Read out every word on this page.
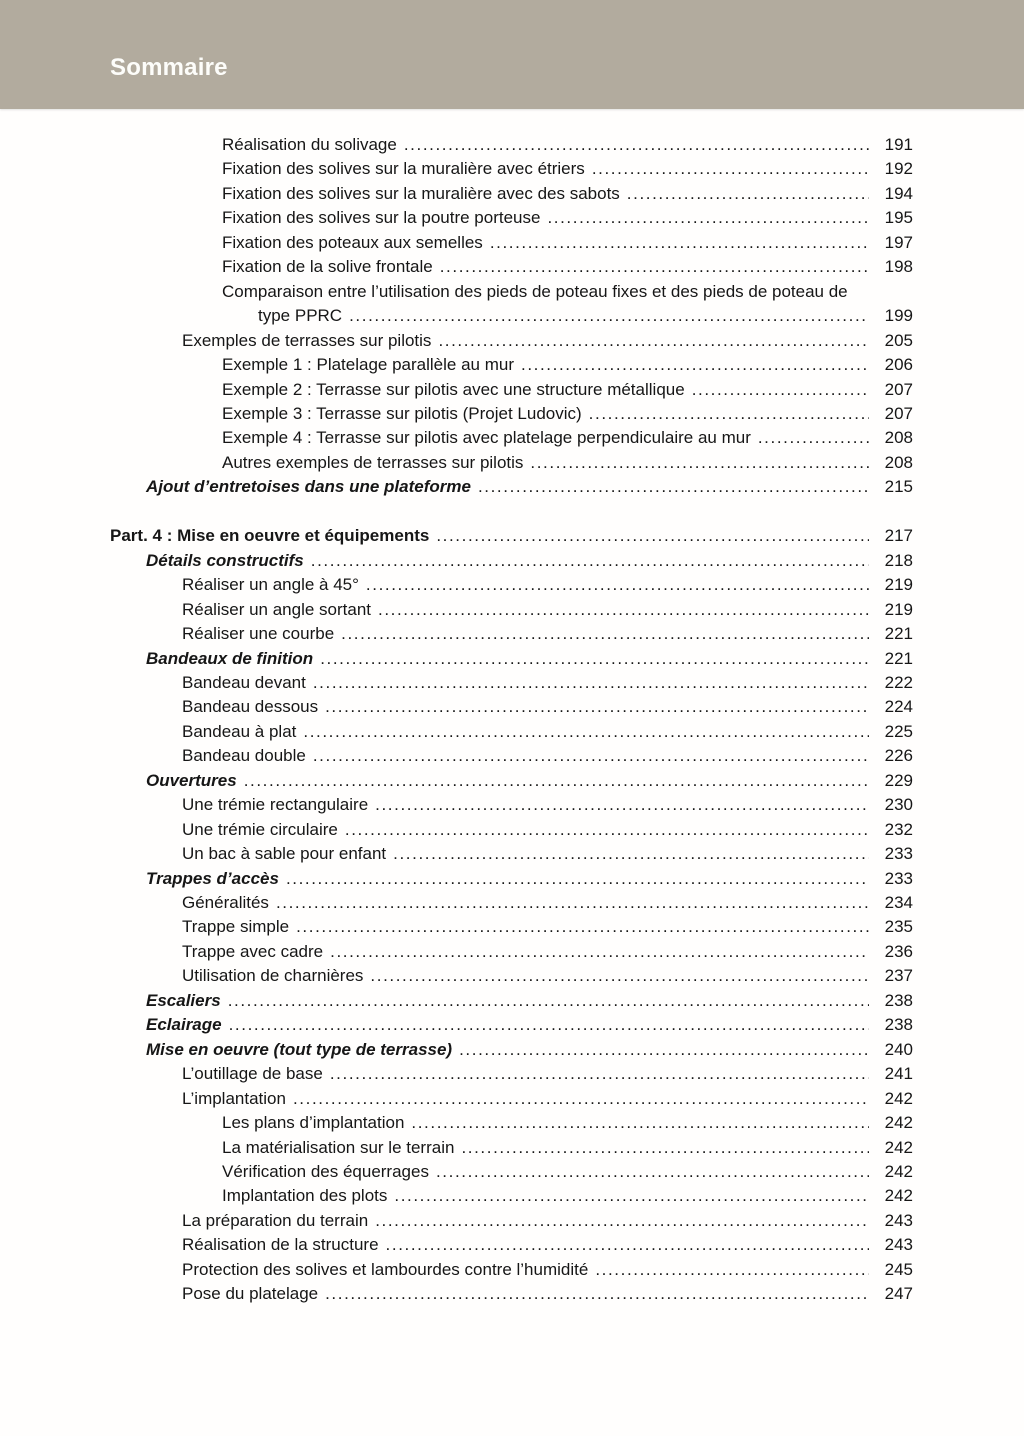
Sommaire
Réalisation du solivage .....	191
Fixation des solives sur la muralière avec étriers .....	192
Fixation des solives sur la muralière avec des sabots .....	194
Fixation des solives sur la poutre porteuse .....	195
Fixation des poteaux aux semelles .....	197
Fixation de la solive frontale .....	198
Comparaison entre l’utilisation des pieds de poteau fixes et des pieds de poteau de
type PPRC .....	199
Exemples de terrasses sur pilotis .....	205
Exemple 1 : Platelage parallèle au mur .....	206
Exemple 2 : Terrasse sur pilotis avec une structure métallique .....	207
Exemple 3 : Terrasse sur pilotis (Projet Ludovic) .....	207
Exemple 4 : Terrasse sur pilotis avec platelage perpendiculaire au mur .....	208
Autres exemples de terrasses sur pilotis .....	208
Ajout d’entretoises dans une plateforme .....	215
Part. 4 : Mise en oeuvre et équipements .....	217
Détails constructifs .....	218
Réaliser un angle à 45° .....	219
Réaliser un angle sortant .....	219
Réaliser une courbe .....	221
Bandeaux de finition .....	221
Bandeau devant .....	222
Bandeau dessous .....	224
Bandeau à plat .....	225
Bandeau double .....	226
Ouvertures .....	229
Une trémie rectangulaire .....	230
Une trémie circulaire .....	232
Un bac à sable pour enfant .....	233
Trappes d’accès .....	233
Généralités .....	234
Trappe simple .....	235
Trappe avec cadre .....	236
Utilisation de charnières .....	237
Escaliers .....	238
Eclairage .....	238
Mise en oeuvre (tout type de terrasse) .....	240
L’outillage de base .....	241
L’implantation .....	242
Les plans d’implantation .....	242
La matérialisation sur le terrain .....	242
Vérification des équerrages .....	242
Implantation des plots .....	242
La préparation du terrain .....	243
Réalisation de la structure .....	243
Protection des solives et lambourdes contre l’humidité .....	245
Pose du platelage .....	247
